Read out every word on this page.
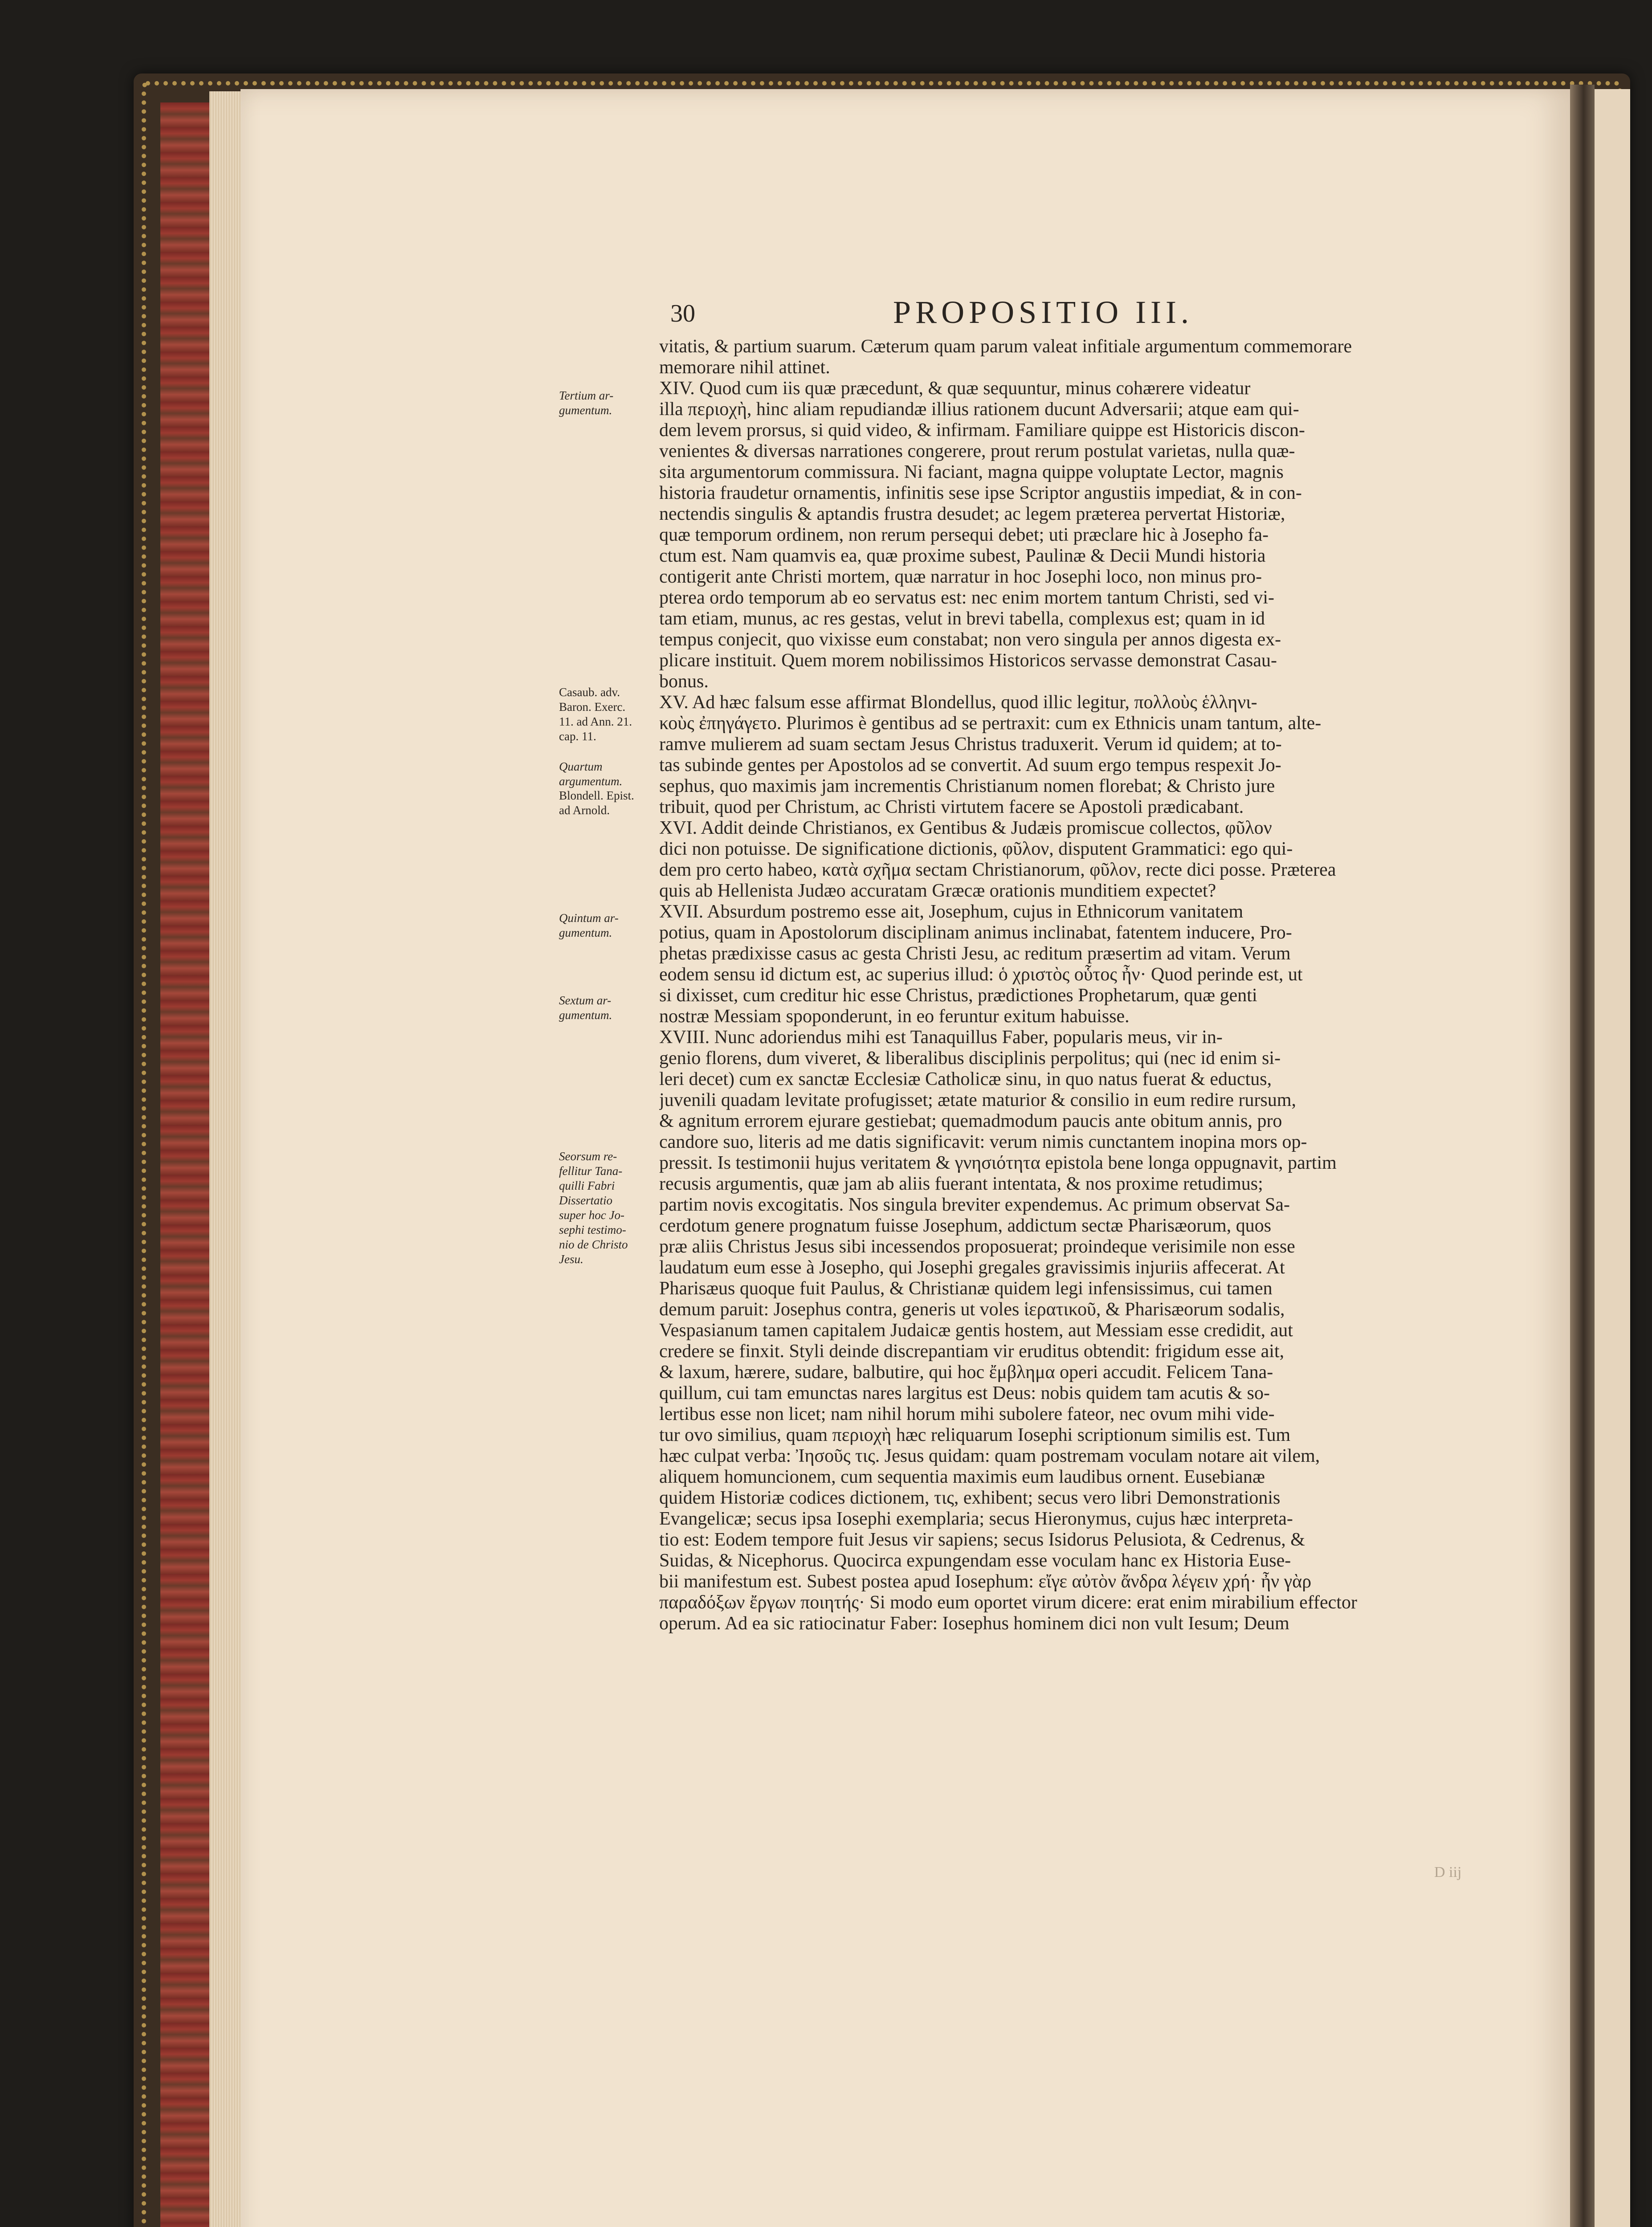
30	PROPOSITIO III.
vitatis, & partium suarum. Cæterum quam parum valeat infitiale argumentum commemorare
memorare nihil attinet.
XIV. Quod cum iis quæ præcedunt, & quæ sequuntur, minus cohærere videatur
illa περιοχὴ, hinc aliam repudiandæ illius rationem ducunt Adversarii; atque eam qui-
dem levem prorsus, si quid video, & infirmam. Familiare quippe est Historicis discon-
venientes & diversas narrationes congerere, prout rerum postulat varietas, nulla quæ-
sita argumentorum commissura. Ni faciant, magna quippe voluptate Lector, magnis
historia fraudetur ornamentis, infinitis sese ipse Scriptor angustiis impediat, & in con-
nectendis singulis & aptandis frustra desudet; ac legem præterea pervertat Historiæ,
quæ temporum ordinem, non rerum persequi debet; uti præclare hic à Josepho fa-
ctum est. Nam quamvis ea, quæ proxime subest, Paulinæ & Decii Mundi historia
contigerit ante Christi mortem, quæ narratur in hoc Josephi loco, non minus pro-
pterea ordo temporum ab eo servatus est: nec enim mortem tantum Christi, sed vi-
tam etiam, munus, ac res gestas, velut in brevi tabella, complexus est; quam in id
tempus conjecit, quo vixisse eum constabat; non vero singula per annos digesta ex-
plicare instituit. Quem morem nobilissimos Historicos servasse demonstrat Casau-
bonus.
XV. Ad hæc falsum esse affirmat Blondellus, quod illic legitur, πολλοὺς ἑλληνι-
κοὺς ἐπηγάγετο. Plurimos è gentibus ad se pertraxit: cum ex Ethnicis unam tantum, alte-
ramve mulierem ad suam sectam Jesus Christus traduxerit. Verum id quidem; at to-
tas subinde gentes per Apostolos ad se convertit. Ad suum ergo tempus respexit Jo-
sephus, quo maximis jam incrementis Christianum nomen florebat; & Christo jure
tribuit, quod per Christum, ac Christi virtutem facere se Apostoli prædicabant.
XVI. Addit deinde Christianos, ex Gentibus & Judæis promiscue collectos, φῦλον
dici non potuisse. De significatione dictionis, φῦλον, disputent Grammatici: ego qui-
dem pro certo habeo, κατὰ σχῆμα sectam Christianorum, φῦλον, recte dici posse. Præterea
quis ab Hellenista Judæo accuratam Græcæ orationis munditiem expectet?
XVII. Absurdum postremo esse ait, Josephum, cujus in Ethnicorum vanitatem
potius, quam in Apostolorum disciplinam animus inclinabat, fatentem inducere, Pro-
phetas prædixisse casus ac gesta Christi Jesu, ac reditum præsertim ad vitam. Verum
eodem sensu id dictum est, ac superius illud: ὁ χριστὸς οὗτος ἦν· Quod perinde est, ut
si dixisset, cum creditur hic esse Christus, prædictiones Prophetarum, quæ genti
nostræ Messiam spoponderunt, in eo feruntur exitum habuisse.
XVIII. Nunc adoriendus mihi est Tanaquillus Faber, popularis meus, vir in-
genio florens, dum viveret, & liberalibus disciplinis perpolitus; qui (nec id enim si-
leri decet) cum ex sanctæ Ecclesiæ Catholicæ sinu, in quo natus fuerat & eductus,
juvenili quadam levitate profugisset; ætate maturior & consilio in eum redire rursum,
& agnitum errorem ejurare gestiebat; quemadmodum paucis ante obitum annis, pro
candore suo, literis ad me datis significavit: verum nimis cunctantem inopina mors op-
pressit. Is testimonii hujus veritatem & γνησιότητα epistola bene longa oppugnavit, partim
recusis argumentis, quæ jam ab aliis fuerant intentata, & nos proxime retudimus;
partim novis excogitatis. Nos singula breviter expendemus. Ac primum observat Sa-
cerdotum genere prognatum fuisse Josephum, addictum sectæ Pharisæorum, quos
præ aliis Christus Jesus sibi incessendos proposuerat; proindeque verisimile non esse
laudatum eum esse à Josepho, qui Josephi gregales gravissimis injuriis affecerat. At
Pharisæus quoque fuit Paulus, & Christianæ quidem legi infensissimus, cui tamen
demum paruit: Josephus contra, generis ut voles ἱερατικοῦ, & Pharisæorum sodalis,
Vespasianum tamen capitalem Judaicæ gentis hostem, aut Messiam esse credidit, aut
credere se finxit. Styli deinde discrepantiam vir eruditus obtendit: frigidum esse ait,
& laxum, hærere, sudare, balbutire, qui hoc ἔμβλημα operi accudit. Felicem Tana-
quillum, cui tam emunctas nares largitus est Deus: nobis quidem tam acutis & so-
lertibus esse non licet; nam nihil horum mihi subolere fateor, nec ovum mihi vide-
tur ovo similius, quam περιοχὴ hæc reliquarum Iosephi scriptionum similis est. Tum
hæc culpat verba: Ἰησοῦς τις. Jesus quidam: quam postremam voculam notare ait vilem,
aliquem homuncionem, cum sequentia maximis eum laudibus ornent. Eusebianæ
quidem Historiæ codices dictionem, τις, exhibent; secus vero libri Demonstrationis
Evangelicæ; secus ipsa Iosephi exemplaria; secus Hieronymus, cujus hæc interpreta-
tio est: Eodem tempore fuit Jesus vir sapiens; secus Isidorus Pelusiota, & Cedrenus, &
Suidas, & Nicephorus. Quocirca expungendam esse voculam hanc ex Historia Euse-
bii manifestum est. Subest postea apud Iosephum: εἴγε αὐτὸν ἄνδρα λέγειν χρή· ἦν γὰρ
παραδόξων ἔργων ποιητής· Si modo eum oportet virum dicere: erat enim mirabilium effector
operum. Ad ea sic ratiocinatur Faber: Iosephus hominem dici non vult Iesum; Deum
Tertium ar-
gumentum.
Casaub. adv.
Baron. Exerc.
11. ad Ann. 21.
cap. 11.
Quartum
argumentum.
Blondell. Epist.
ad Arnold.
Quintum ar-
gumentum.
Sextum ar-
gumentum.
Seorsum re-
fellitur Tana-
quilli Fabri
Dissertatio
super hoc Jo-
sephi testimo-
nio de Christo
Jesu.
D iij
